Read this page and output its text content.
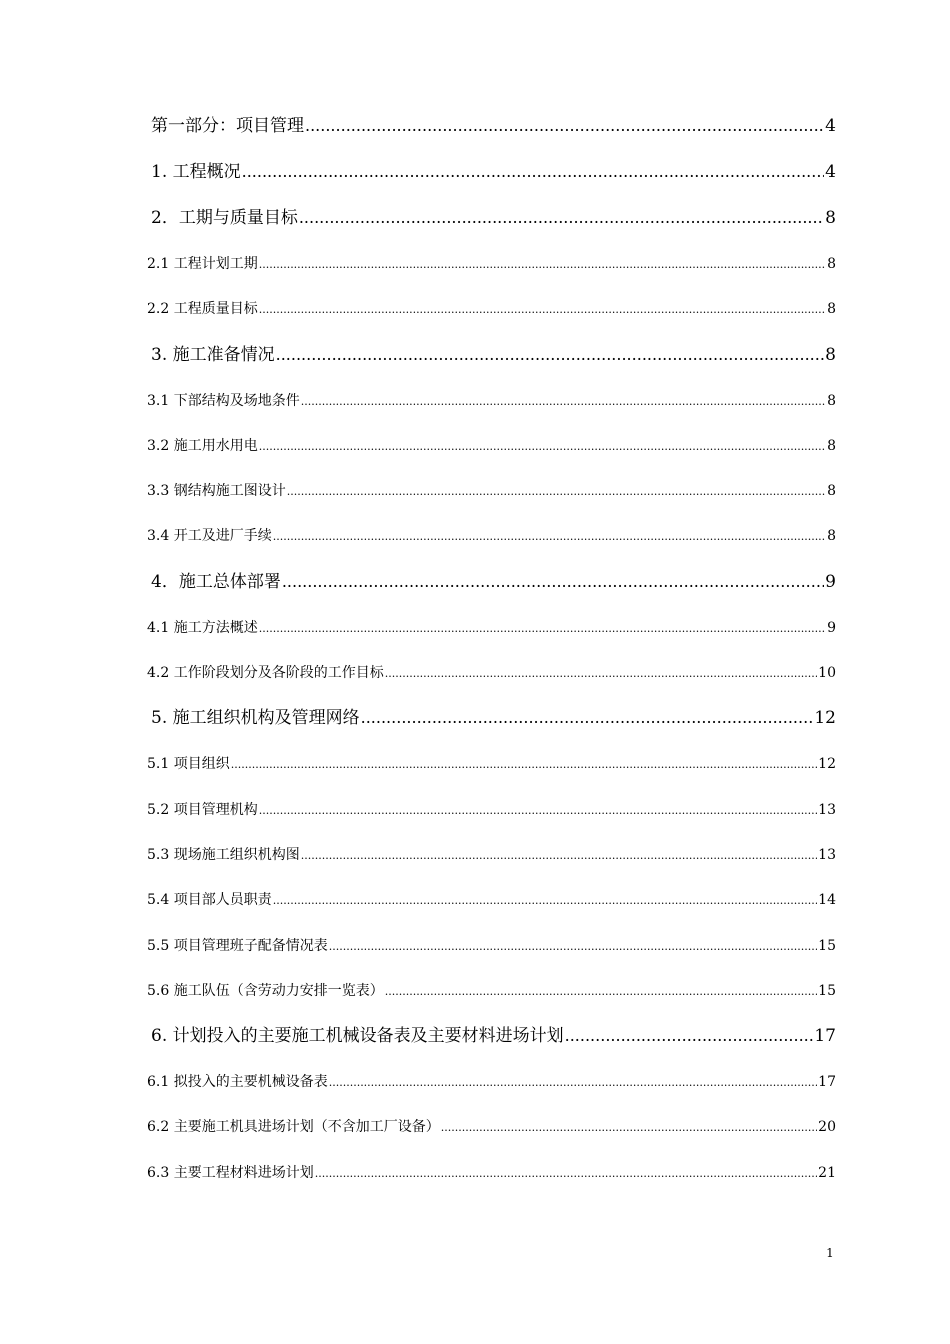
第一部分：项目管理 .....	4
1. 工程概况 .....	4
2．工期与质量目标 .....	8
2.1 工程计划工期 .....	8
2.2 工程质量目标 .....	8
3. 施工准备情况 .....	8
3.1 下部结构及场地条件 .....	8
3.2 施工用水用电 .....	8
3.3 钢结构施工图设计 .....	8
3.4 开工及进厂手续 .....	8
4．施工总体部署 .....	9
4.1 施工方法概述 .....	9
4.2 工作阶段划分及各阶段的工作目标 .....	10
5. 施工组织机构及管理网络 .....	12
5.1 项目组织 .....	12
5.2 项目管理机构 .....	13
5.3 现场施工组织机构图 .....	13
5.4 项目部人员职责 .....	14
5.5 项目管理班子配备情况表 .....	15
5.6 施工队伍（含劳动力安排一览表） .....	15
6. 计划投入的主要施工机械设备表及主要材料进场计划 .....	17
6.1 拟投入的主要机械设备表 .....	17
6.2 主要施工机具进场计划（不含加工厂设备） .....	20
6.3 主要工程材料进场计划 .....	21
1
